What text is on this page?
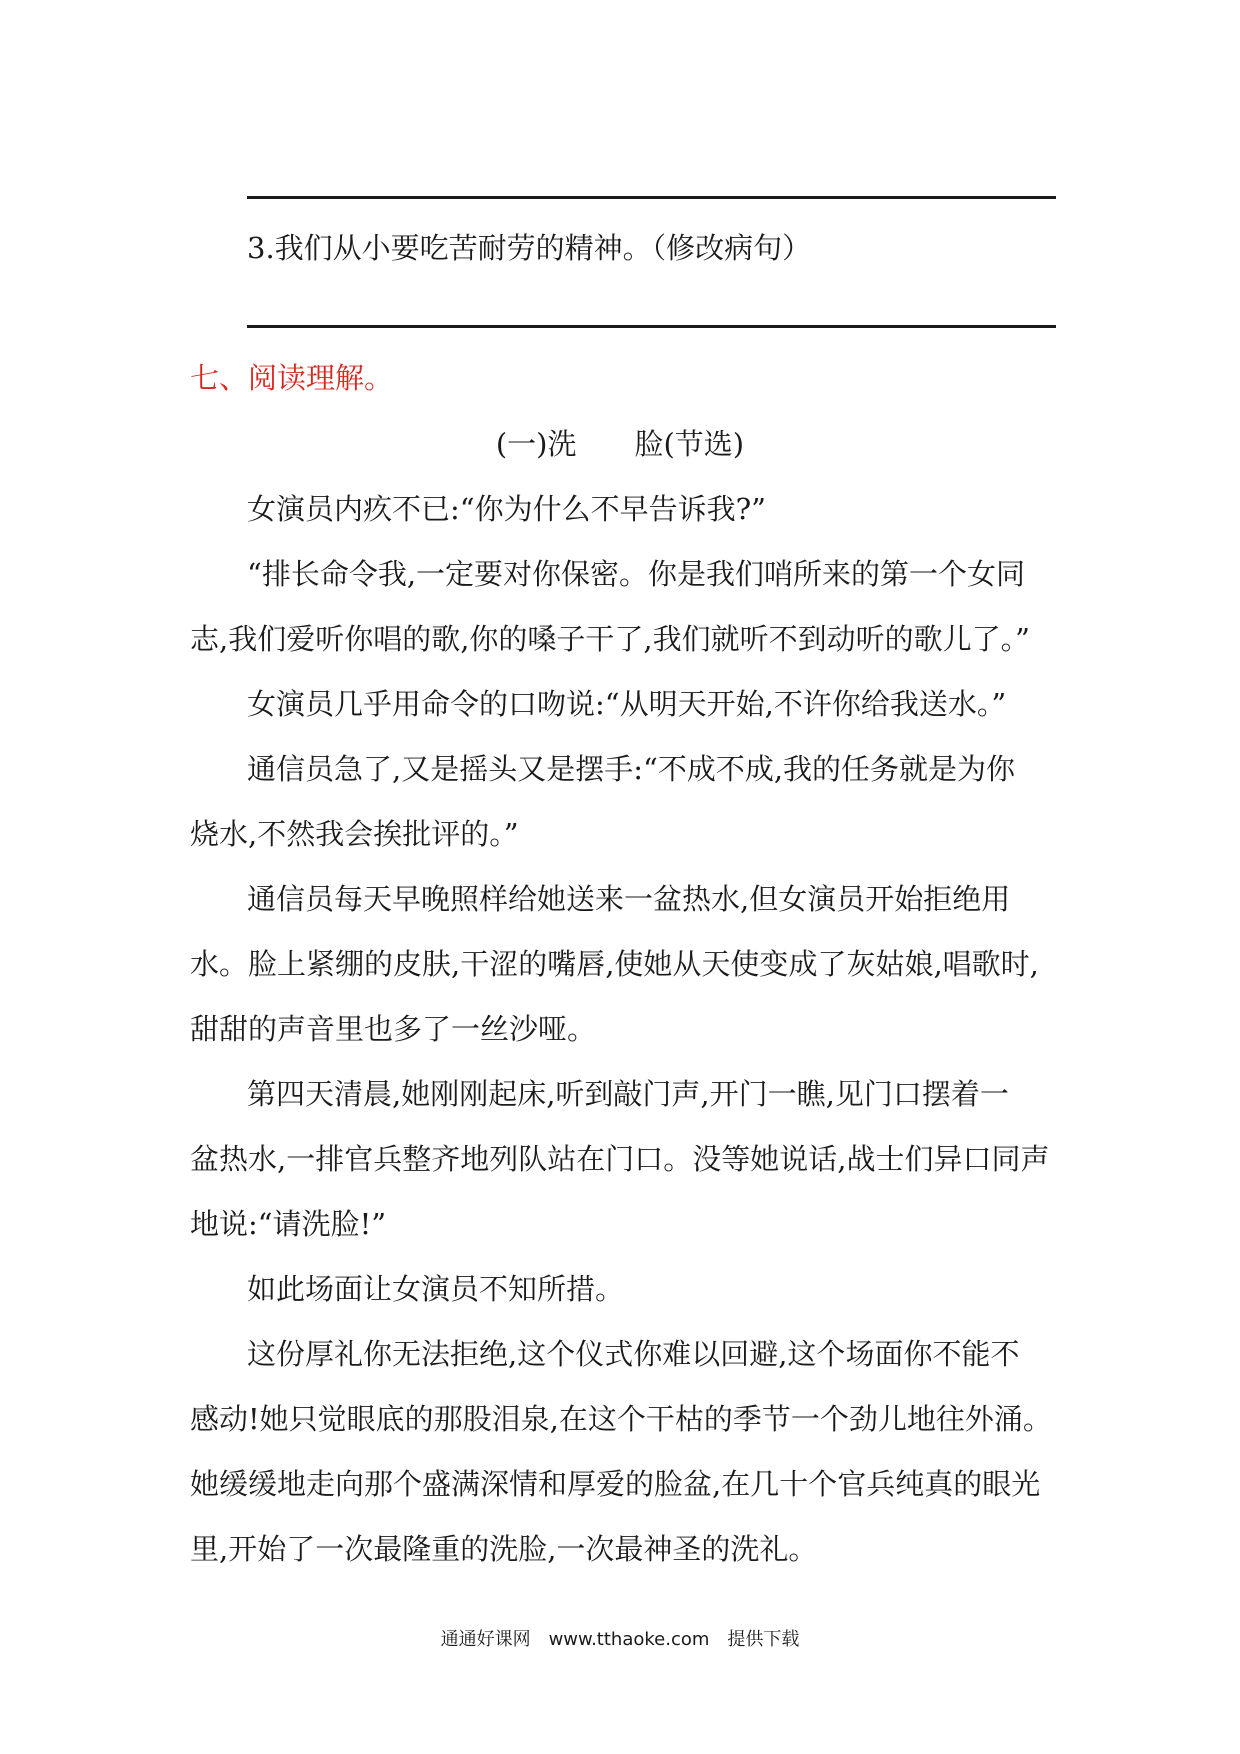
3.我们从小要吃苦耐劳的精神。（修改病句）
七、阅读理解。
(一)洗　　脸(节选)
女演员内疚不已:“你为什么不早告诉我?”
“排长命令我,一定要对你保密。你是我们哨所来的第一个女同
志,我们爱听你唱的歌,你的嗓子干了,我们就听不到动听的歌儿了。”
女演员几乎用命令的口吻说:“从明天开始,不许你给我送水。”
通信员急了,又是摇头又是摆手:“不成不成,我的任务就是为你
烧水,不然我会挨批评的。”
通信员每天早晚照样给她送来一盆热水,但女演员开始拒绝用
水。脸上紧绷的皮肤,干涩的嘴唇,使她从天使变成了灰姑娘,唱歌时,
甜甜的声音里也多了一丝沙哑。
第四天清晨,她刚刚起床,听到敲门声,开门一瞧,见门口摆着一
盆热水,一排官兵整齐地列队站在门口。没等她说话,战士们异口同声
地说:“请洗脸!”
如此场面让女演员不知所措。
这份厚礼你无法拒绝,这个仪式你难以回避,这个场面你不能不
感动!她只觉眼底的那股泪泉,在这个干枯的季节一个劲儿地往外涌。
她缓缓地走向那个盛满深情和厚爱的脸盆,在几十个官兵纯真的眼光
里,开始了一次最隆重的洗脸,一次最神圣的洗礼。
通通好课网　www.tthaoke.com　提供下载
